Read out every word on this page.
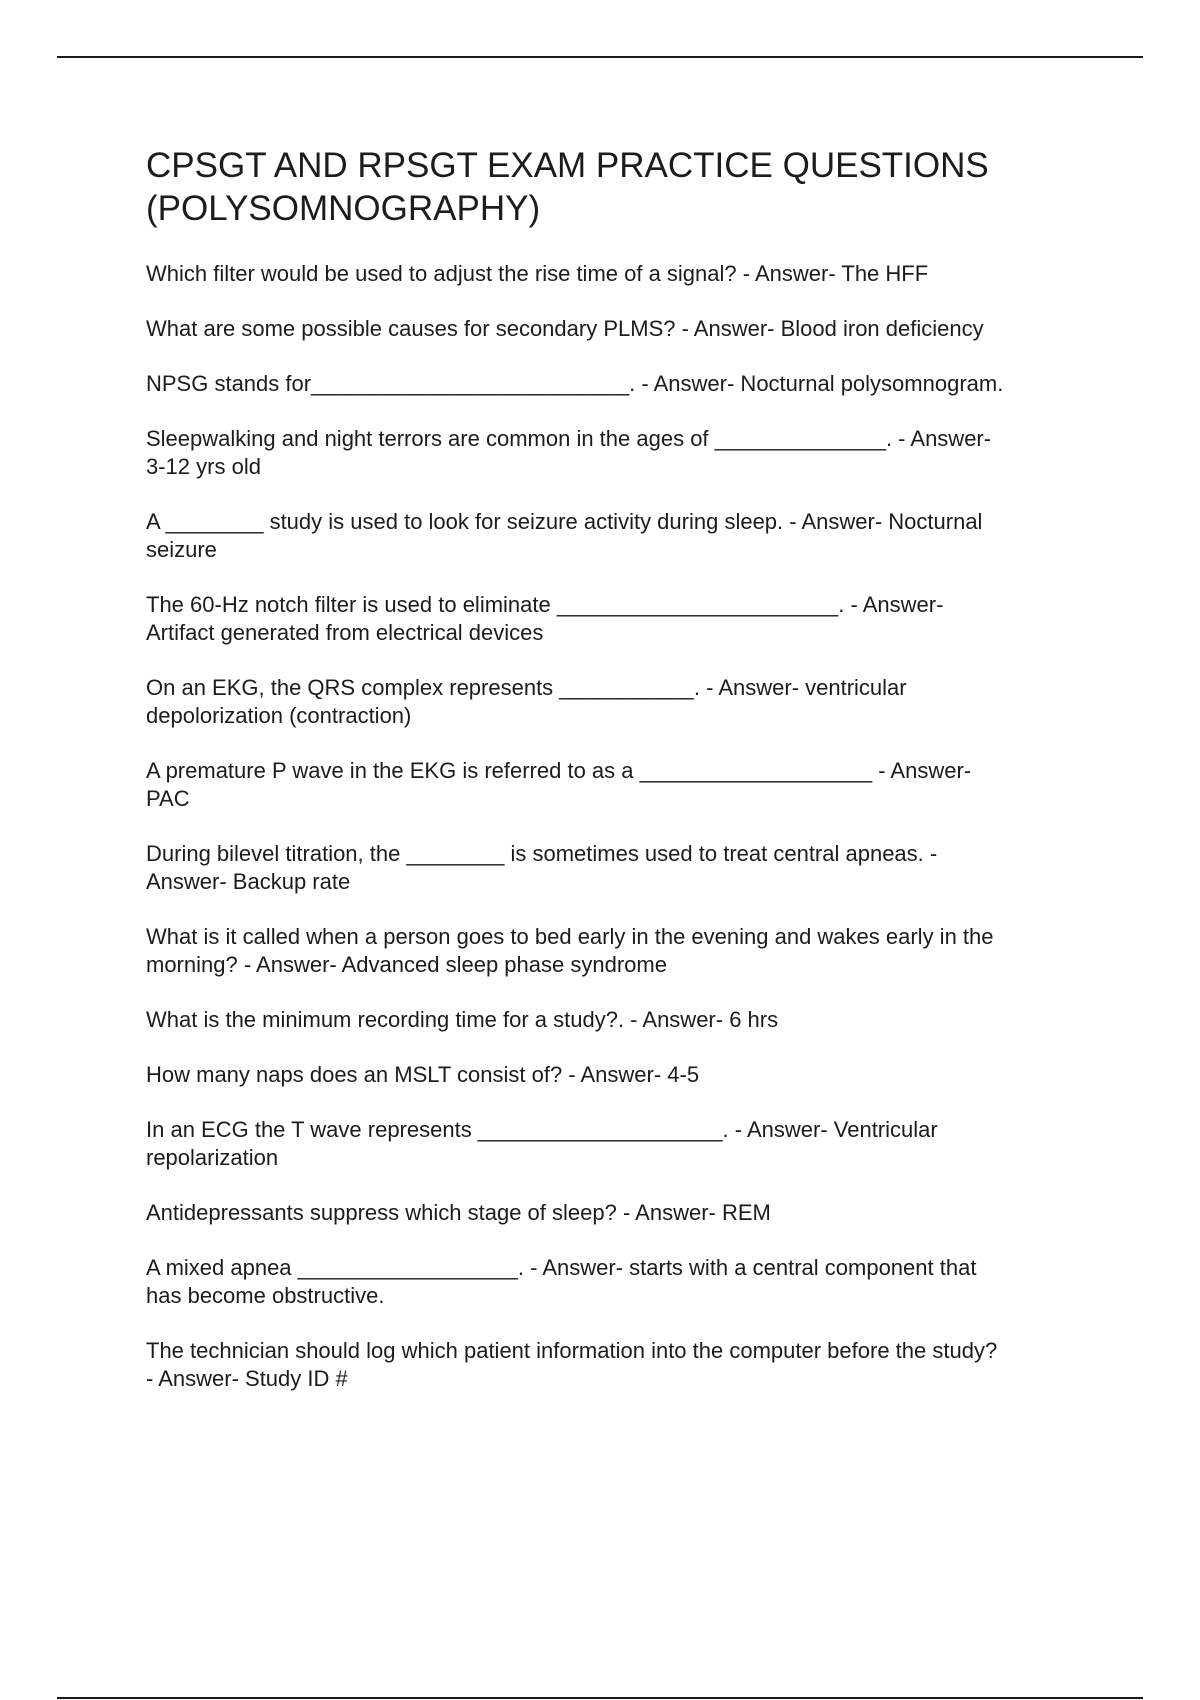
CPSGT AND RPSGT EXAM PRACTICE QUESTIONS
(POLYSOMNOGRAPHY)
Which filter would be used to adjust the rise time of a signal? - Answer- The HFF
What are some possible causes for secondary PLMS? - Answer- Blood iron deficiency
NPSG stands for__________________________. - Answer- Nocturnal polysomnogram.
Sleepwalking and night terrors are common in the ages of ______________. - Answer-
3-12 yrs old
A ________ study is used to look for seizure activity during sleep. - Answer- Nocturnal
seizure
The 60-Hz notch filter is used to eliminate _______________________. - Answer-
Artifact generated from electrical devices
On an EKG, the QRS complex represents ___________. - Answer- ventricular
depolorization (contraction)
A premature P wave in the EKG is referred to as a ___________________ - Answer-
PAC
During bilevel titration, the ________ is sometimes used to treat central apneas. -
Answer- Backup rate
What is it called when a person goes to bed early in the evening and wakes early in the
morning? - Answer- Advanced sleep phase syndrome
What is the minimum recording time for a study?. - Answer- 6 hrs
How many naps does an MSLT consist of? - Answer- 4-5
In an ECG the T wave represents ____________________. - Answer- Ventricular
repolarization
Antidepressants suppress which stage of sleep? - Answer- REM
A mixed apnea __________________. - Answer- starts with a central component that
has become obstructive.
The technician should log which patient information into the computer before the study?
- Answer- Study ID #
